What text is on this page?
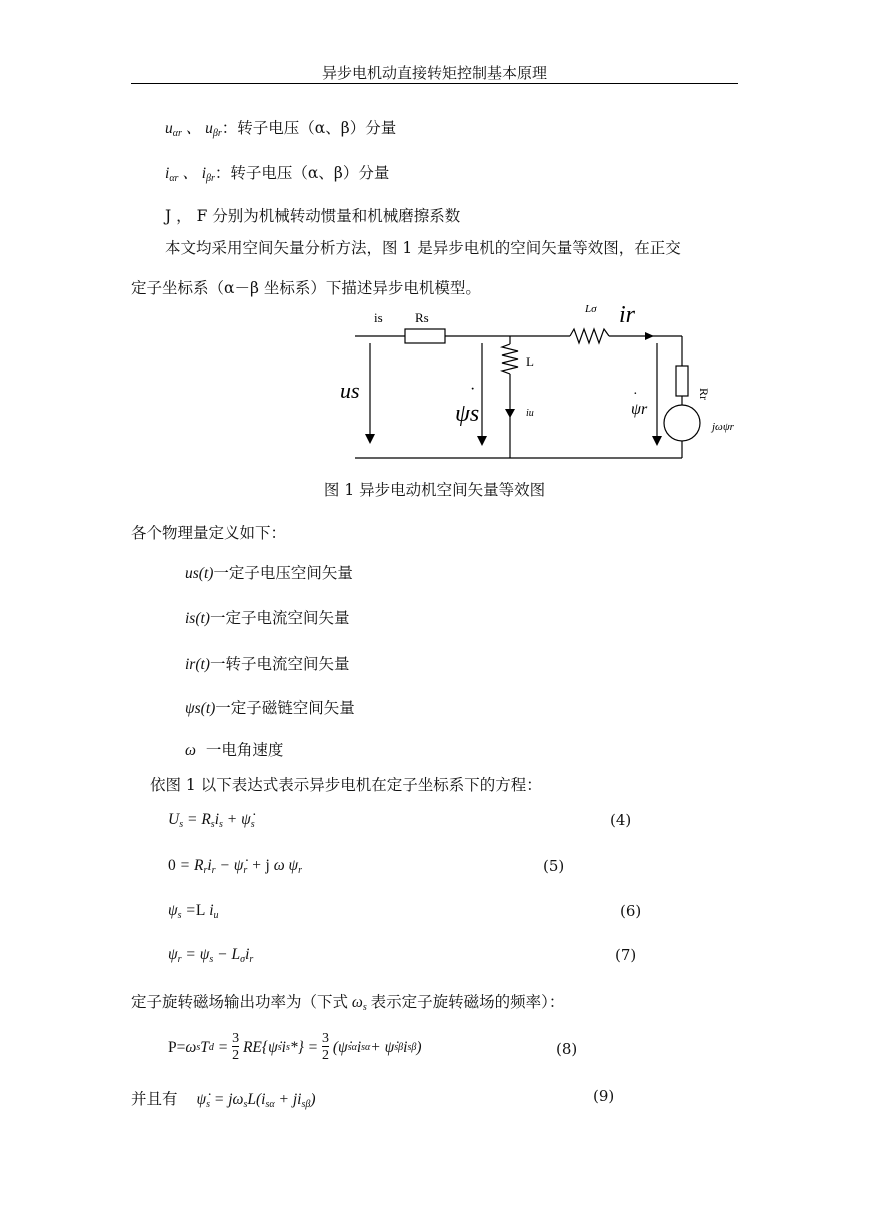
异步电机动直接转矩控制基本原理
$u_{\alpha r}$ 、 $u_{\beta r}$：转子电压（α、β）分量
$i_{\alpha r}$ 、 $i_{\beta r}$：转子电压（α、β）分量
J ， F 分别为机械转动惯量和机械磨擦系数
本文均采用空间矢量分析方法，图 1 是异步电机的空间矢量等效图，在正交
定子坐标系（α－β 坐标系）下描述异步电机模型。
is Rs
Lσ ir
L
Rr
us
ψs
·
iu	ψr
·
jωψr
图 1 异步电动机空间矢量等效图
各个物理量定义如下：
us(t)一定子电压空间矢量
is(t)一定子电流空间矢量
ir(t)一转子电流空间矢量
ψs(t)一定子磁链空间矢量
ω 一电角速度
依图 1 以下表达式表示异步电机在定子坐标系下的方程：
$U_s = R_si_s$ + $\psi̇_s$	(4)
$0 = R_ri_r$ − $\psi̇_r + j$ ω $\psi_r$	(5)
$\psi_s =L$ $i_u$	(6)
$\psi_r = \psi_s - L_\sigma i_r$	(7)
定子旋转磁场输出功率为（下式 $\omega_s$ 表示定子旋转磁场的频率）：
P= ω s T d = 3
2 RE{ψ̇ s i s *} = 3
2 (ψ̇ sα i sα + ψ̇ sβ i sβ )	(8)
并且有 $\psi̇_s = j\omega_sL(i_{s\alpha} + ji_{s\beta})$	(9)
